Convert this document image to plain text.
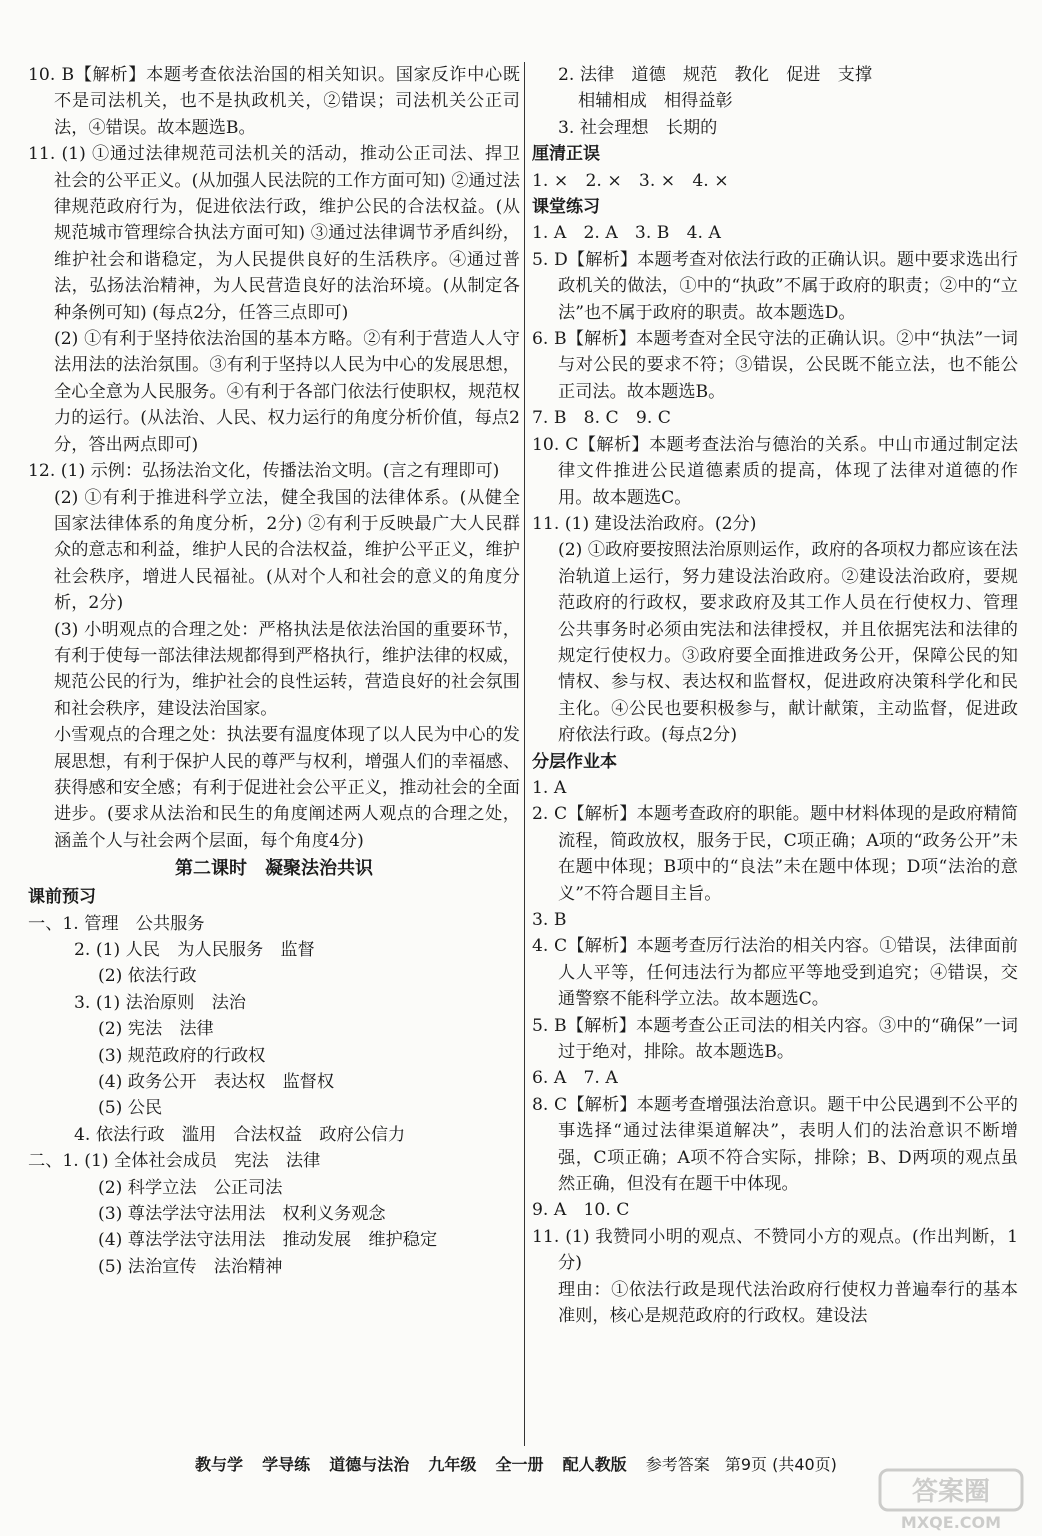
10. B【解析】本题考查依法治国的相关知识。国家反诈中心既不是司法机关，也不是执政机关，②错误；司法机关公正司法，④错误。故本题选B。

11. (1) ①通过法律规范司法机关的活动，推动公正司法、捍卫社会的公平正义。(从加强人民法院的工作方面可知) ②通过法律规范政府行为，促进依法行政，维护公民的合法权益。(从规范城市管理综合执法方面可知) ③通过法律调节矛盾纠纷，维护社会和谐稳定，为人民提供良好的生活秩序。④通过普法，弘扬法治精神，为人民营造良好的法治环境。(从制定各种条例可知) (每点2分，任答三点即可)

(2) ①有利于坚持依法治国的基本方略。②有利于营造人人守法用法的法治氛围。③有利于坚持以人民为中心的发展思想，全心全意为人民服务。④有利于各部门依法行使职权，规范权力的运行。(从法治、人民、权力运行的角度分析价值，每点2分，答出两点即可)

12. (1) 示例：弘扬法治文化，传播法治文明。(言之有理即可)

(2) ①有利于推进科学立法，健全我国的法律体系。(从健全国家法律体系的角度分析，2分) ②有利于反映最广大人民群众的意志和利益，维护人民的合法权益，维护公平正义，维护社会秩序，增进人民福祉。(从对个人和社会的意义的角度分析，2分)

(3) 小明观点的合理之处：严格执法是依法治国的重要环节，有利于使每一部法律法规都得到严格执行，维护法律的权威，规范公民的行为，维护社会的良性运转，营造良好的社会氛围和社会秩序，建设法治国家。

小雪观点的合理之处：执法要有温度体现了以人民为中心的发展思想，有利于保护人民的尊严与权利，增强人们的幸福感、获得感和安全感；有利于促进社会公平正义，推动社会的全面进步。(要求从法治和民生的角度阐述两人观点的合理之处，涵盖个人与社会两个层面，每个角度4分)

第二课时　凝聚法治共识

课前预习

一、1. 管理　公共服务

2. (1) 人民　为人民服务　监督

(2) 依法行政

3. (1) 法治原则　法治

(2) 宪法　法律

(3) 规范政府的行政权

(4) 政务公开　表达权　监督权

(5) 公民

4. 依法行政　滥用　合法权益　政府公信力

二、1. (1) 全体社会成员　宪法　法律

(2) 科学立法　公正司法

(3) 尊法学法守法用法　权利义务观念

(4) 尊法学法守法用法　推动发展　维护稳定

(5) 法治宣传　法治精神

2. 法律　道德　规范　教化　促进　支撑

相辅相成　相得益彰

3. 社会理想　长期的

厘清正误

1. ×　2. ×　3. ×　4. ×

课堂练习

1. A　2. A　3. B　4. A

5. D【解析】本题考查对依法行政的正确认识。题中要求选出行政机关的做法，①中的“执政”不属于政府的职责；②中的“立法”也不属于政府的职责。故本题选D。

6. B【解析】本题考查对全民守法的正确认识。②中“执法”一词与对公民的要求不符；③错误，公民既不能立法，也不能公正司法。故本题选B。

7. B　8. C　9. C

10. C【解析】本题考查法治与德治的关系。中山市通过制定法律文件推进公民道德素质的提高，体现了法律对道德的作用。故本题选C。

11. (1) 建设法治政府。(2分)

(2) ①政府要按照法治原则运作，政府的各项权力都应该在法治轨道上运行，努力建设法治政府。②建设法治政府，要规范政府的行政权，要求政府及其工作人员在行使权力、管理公共事务时必须由宪法和法律授权，并且依据宪法和法律的规定行使权力。③政府要全面推进政务公开，保障公民的知情权、参与权、表达权和监督权，促进政府决策科学化和民主化。④公民也要积极参与，献计献策，主动监督，促进政府依法行政。(每点2分)

分层作业本

1. A

2. C【解析】本题考查政府的职能。题中材料体现的是政府精简流程，简政放权，服务于民，C项正确；A项的“政务公开”未在题中体现；B项中的“良法”未在题中体现；D项“法治的意义”不符合题目主旨。

3. B

4. C【解析】本题考查厉行法治的相关内容。①错误，法律面前人人平等，任何违法行为都应平等地受到追究；④错误，交通警察不能科学立法。故本题选C。

5. B【解析】本题考查公正司法的相关内容。③中的“确保”一词过于绝对，排除。故本题选B。

6. A　7. A

8. C【解析】本题考查增强法治意识。题干中公民遇到不公平的事选择“通过法律渠道解决”，表明人们的法治意识不断增强，C项正确；A项不符合实际，排除；B、D两项的观点虽然正确，但没有在题干中体现。

9. A　10. C

11. (1) 我赞同小明的观点、不赞同小方的观点。(作出判断，1分)

理由：①依法行政是现代法治政府行使权力普遍奉行的基本准则，核心是规范政府的行政权。建设法

教与学 学导练 道德与法治 九年级 全一册 配人教版 参考答案 第9页 (共40页)
答案圈
MXQE.COM
